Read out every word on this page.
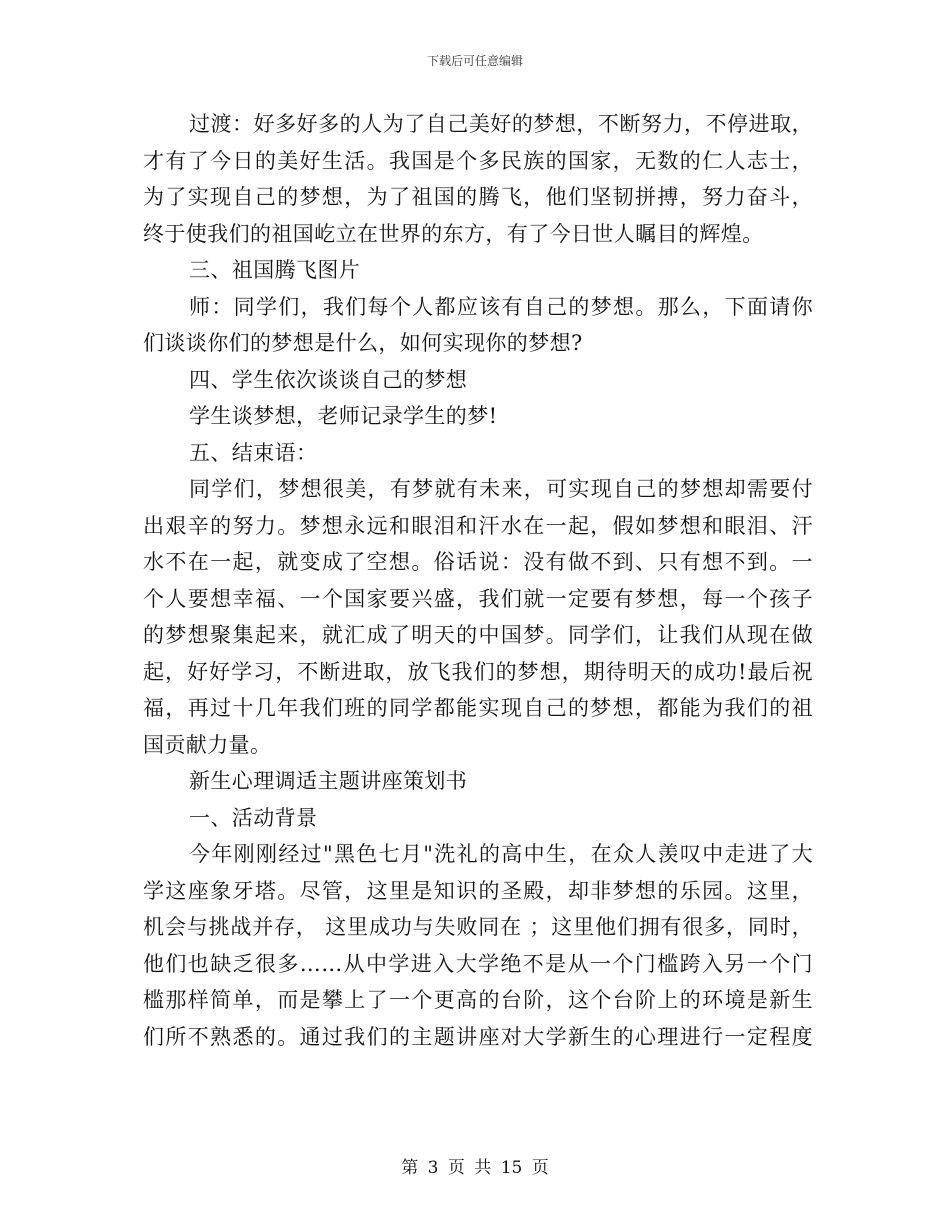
下载后可任意编辑
过渡：好多好多的人为了自己美好的梦想，不断努力，不停进取，
才有了今日的美好生活。我国是个多民族的国家，无数的仁人志士，
为了实现自己的梦想，为了祖国的腾飞，他们坚韧拼搏，努力奋斗，
终于使我们的祖国屹立在世界的东方，有了今日世人瞩目的辉煌。
三、祖国腾飞图片
师：同学们，我们每个人都应该有自己的梦想。那么，下面请你
们谈谈你们的梦想是什么，如何实现你的梦想?
四、学生依次谈谈自己的梦想
学生谈梦想，老师记录学生的梦!
五、结束语：
同学们，梦想很美，有梦就有未来，可实现自己的梦想却需要付
出艰辛的努力。梦想永远和眼泪和汗水在一起，假如梦想和眼泪、汗
水不在一起，就变成了空想。俗话说：没有做不到、只有想不到。一
个人要想幸福、一个国家要兴盛，我们就一定要有梦想，每一个孩子
的梦想聚集起来，就汇成了明天的中国梦。同学们，让我们从现在做
起，好好学习，不断进取，放飞我们的梦想，期待明天的成功!最后祝
福，再过十几年我们班的同学都能实现自己的梦想，都能为我们的祖
国贡献力量。
新生心理调适主题讲座策划书
一、活动背景
今年刚刚经过"黑色七月"洗礼的高中生，在众人羡叹中走进了大
学这座象牙塔。尽管，这里是知识的圣殿，却非梦想的乐园。这里，
机会与挑战并存， 这里成功与失败同在 ；这里他们拥有很多，同时，
他们也缺乏很多……从中学进入大学绝不是从一个门槛跨入另一个门
槛那样简单，而是攀上了一个更高的台阶，这个台阶上的环境是新生
们所不熟悉的。通过我们的主题讲座对大学新生的心理进行一定程度
第 3 页 共 15 页
